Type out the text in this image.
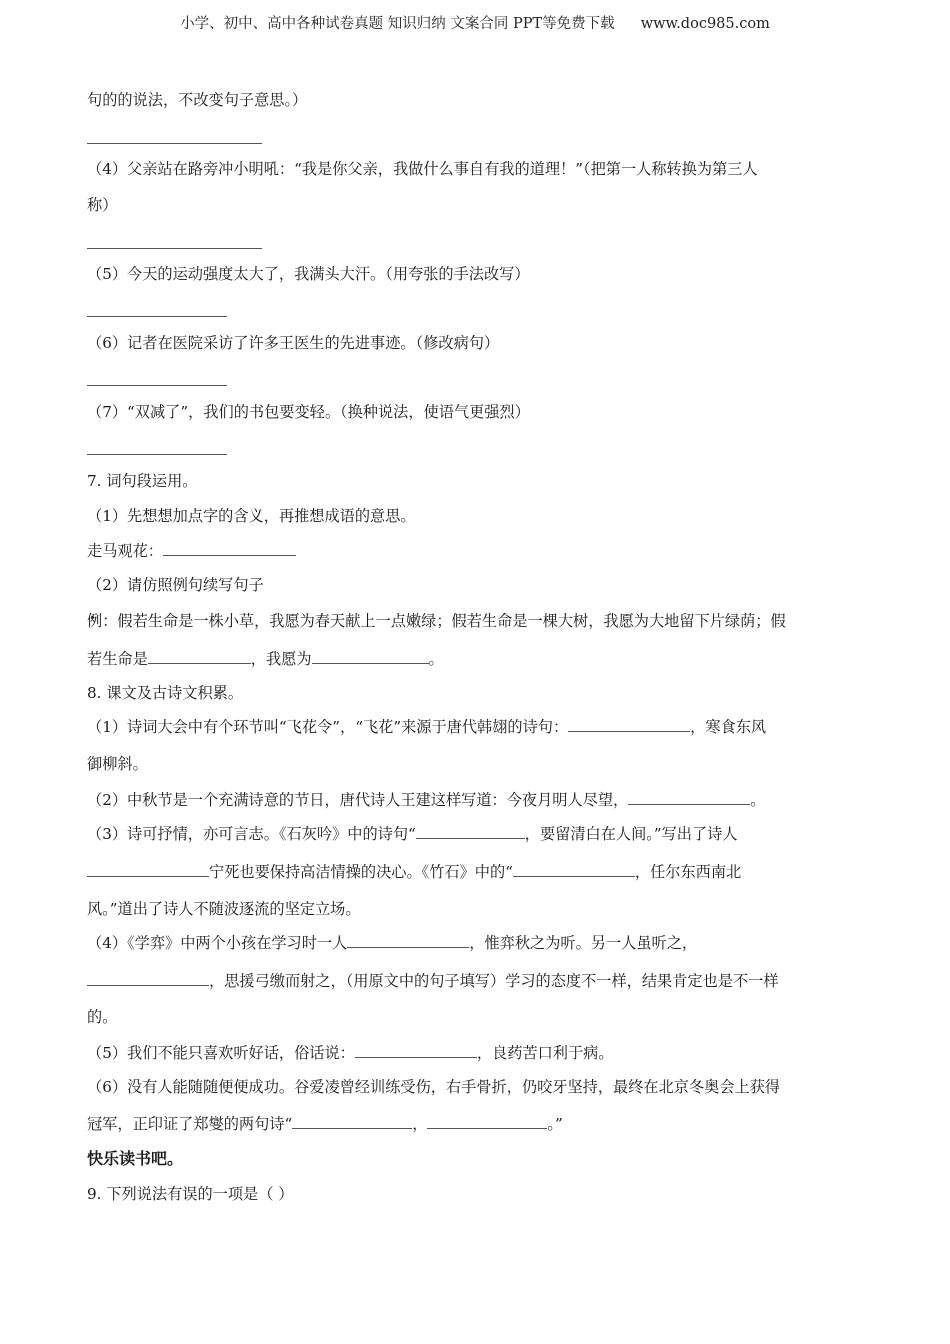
小学、初中、高中各种试卷真题 知识归纳 文案合同 PPT等免费下载 www.doc985.com
句的的说法，不改变句子意思。）
（4）父亲站在路旁冲小明吼：“我是你父亲，我做什么事自有我的道理！”（把第一人称转换为第三人
称）
（5）今天的运动强度太大了，我满头大汗。（用夸张的手法改写）
（6）记者在医院采访了许多王医生的先进事迹。（修改病句）
（7）“双减了”，我们的书包要变轻。（换种说法，使语气更强烈）
7. 词句段运用。
（1）先想想加点字的含义，再推想成语的意思。
走马观花：
（2）请仿照例句续写句子
例：假若生命是一株小草，我愿为春天献上一点嫩绿；假若生命是一棵大树，我愿为大地留下片绿荫；假
若生命是	，我愿为	。
8. 课文及古诗文积累。
（1）诗词大会中有个环节叫“飞花令”，“飞花”来源于唐代韩翃的诗句：	，寒食东风
御柳斜。
（2）中秋节是一个充满诗意的节日，唐代诗人王建这样写道：今夜月明人尽望，	。
（3）诗可抒情，亦可言志。《石灰吟》中的诗句“	，要留清白在人间。”写出了诗人
宁死也要保持高洁情操的决心。《竹石》中的“	，任尔东西南北
风。”道出了诗人不随波逐流的坚定立场。
（4）《学弈》中两个小孩在学习时一人	，惟弈秋之为听。另一人虽听之，
，思援弓缴而射之，（用原文中的句子填写）学习的态度不一样，结果肯定也是不一样
的。
（5）我们不能只喜欢听好话，俗话说：	，良药苦口利于病。
（6）没有人能随随便便成功。谷爱凌曾经训练受伤，右手骨折，仍咬牙坚持，最终在北京冬奥会上获得
冠军，正印证了郑燮的两句诗“	，	。”
快乐读书吧。
9. 下列说法有误的一项是（ ）
